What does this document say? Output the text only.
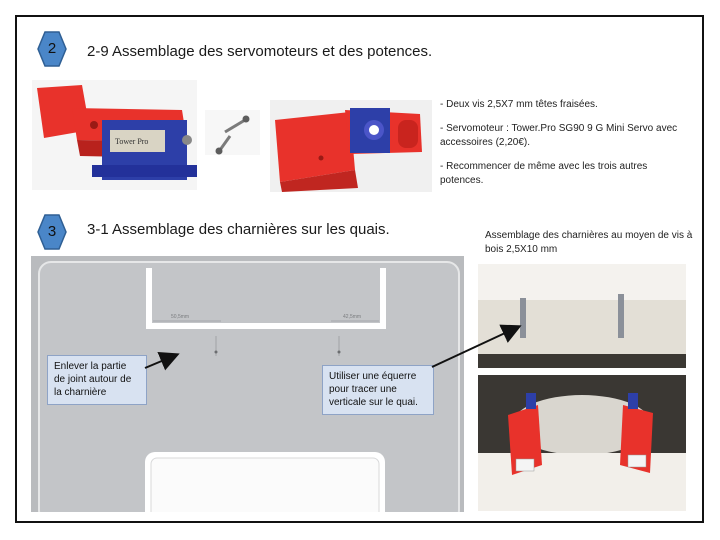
2	2-9 Assemblage des servomoteurs et des potences.
Tower Pro

- Deux vis 2,5X7 mm têtes fraisées.

- Servomoteur : Tower.Pro SG90 9 G Mini Servo avec accessoires (2,20€).

- Recommencer de même avec les trois autres potences.

3	3-1 Assemblage des charnières sur les quais.	Assemblage des charnières au moyen de vis à bois 2,5X10 mm
50,5mm	42,5mm
Enlever la partie de joint autour de la charnière
Utiliser une équerre pour tracer une verticale sur le quai.
